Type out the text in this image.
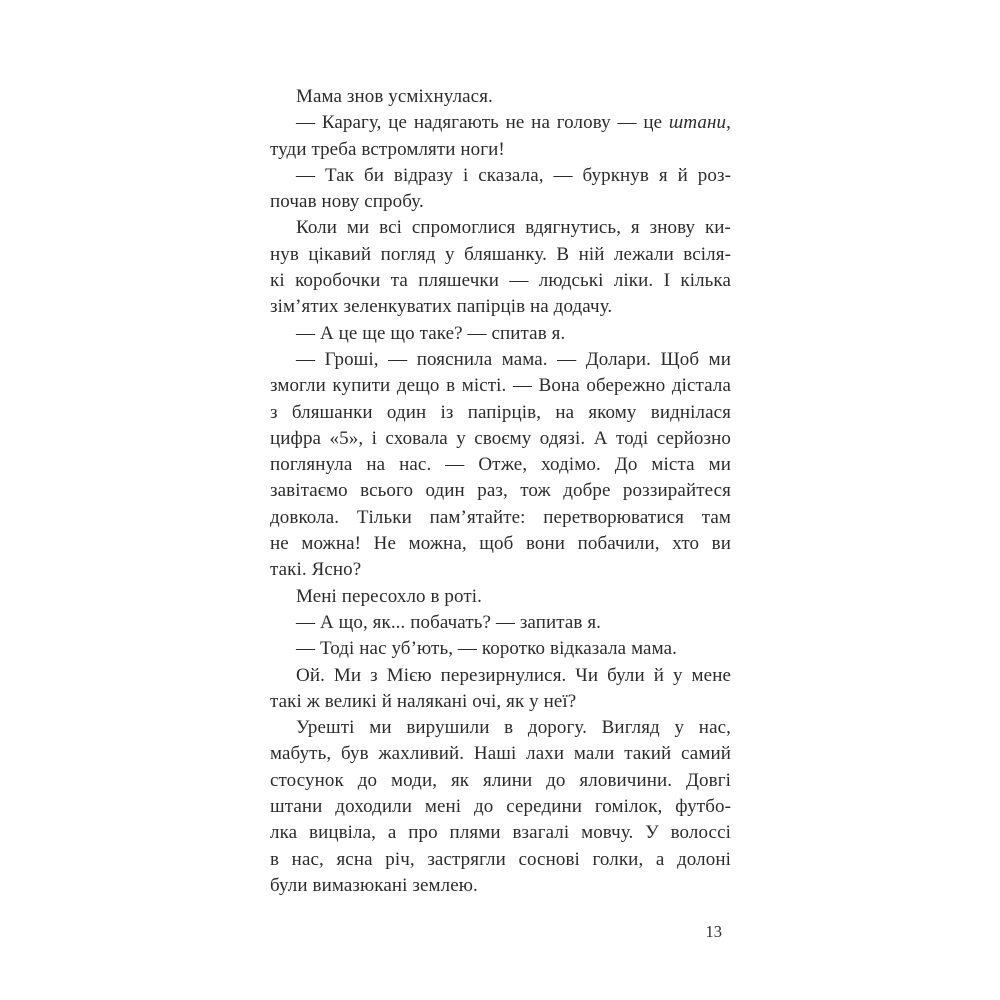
Мама знов усміхнулася.
— Карагу, це надягають не на голову — це штани,
туди треба встромляти ноги!
— Так би відразу і сказала, — буркнув я й роз-
почав нову спробу.
Коли ми всі спромоглися вдягнутись, я знову ки-
нув цікавий погляд у бляшанку. В ній лежали всіля-
кі коробочки та пляшечки — людські ліки. І кілька
зім’ятих зеленкуватих папірців на додачу.
— А це ще що таке? — спитав я.
— Гроші, — пояснила мама. — Долари. Щоб ми
змогли купити дещо в місті. — Вона обережно дістала
з бляшанки один із папірців, на якому виднілася
цифра «5», і сховала у своєму одязі. А тоді серйозно
поглянула на нас. — Отже, ходімо. До міста ми
завітаємо всього один раз, тож добре роззирайтеся
довкола. Тільки пам’ятайте: перетворюватися там
не можна! Не можна, щоб вони побачили, хто ви
такі. Ясно?
Мені пересохло в роті.
— А що, як... побачать? — запитав я.
— Тоді нас уб’ють, — коротко відказала мама.
Ой. Ми з Мією перезирнулися. Чи були й у мене
такі ж великі й налякані очі, як у неї?
Урешті ми вирушили в дорогу. Вигляд у нас,
мабуть, був жахливий. Наші лахи мали такий самий
стосунок до моди, як ялини до яловичини. Довгі
штани доходили мені до середини гомілок, футбо-
лка вицвіла, а про плями взагалі мовчу. У волоссі
в нас, ясна річ, застрягли соснові голки, а долоні
були вимазюкані землею.
13
